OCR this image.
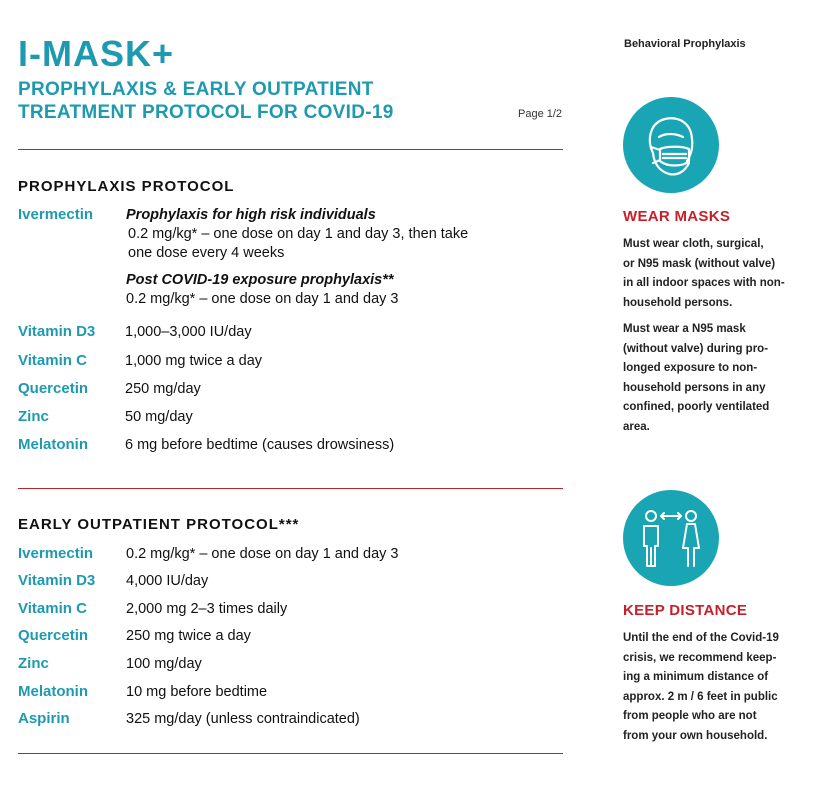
I-MASK+
PROPHYLAXIS & EARLY OUTPATIENT
TREATMENT PROTOCOL FOR COVID-19	Page 1/2
Behavioral Prophylaxis
PROPHYLAXIS PROTOCOL
Ivermectin Prophylaxis for high risk individuals
0.2 mg/kg* – one dose on day 1 and day 3, then take
one dose every 4 weeks
Post COVID-19 exposure prophylaxis**
0.2 mg/kg* – one dose on day 1 and day 3
Vitamin D3 1,000–3,000 IU/day
Vitamin C	1,000 mg twice a day
Quercetin	250 mg/day
Zinc	50 mg/day
Melatonin	6 mg before bedtime (causes drowsiness)
EARLY OUTPATIENT PROTOCOL***
Ivermectin 0.2 mg/kg* – one dose on day 1 and day 3
Vitamin D3 4,000 IU/day
Vitamin C	2,000 mg 2–3 times daily
Quercetin	250 mg twice a day
Zinc	100 mg/day
Melatonin	10 mg before bedtime
Aspirin	325 mg/day (unless contraindicated)
WEAR MASKS

Must wear cloth, surgical,
or N95 mask (without valve)
in all indoor spaces with non-
household persons.

Must wear a N95 mask
(without valve) during pro-
longed exposure to non-
household persons in any
confined, poorly ventilated
area.

KEEP DISTANCE

Until the end of the Covid-19
crisis, we recommend keep-
ing a minimum distance of
approx. 2 m / 6 feet in public
from people who are not
from your own household.
